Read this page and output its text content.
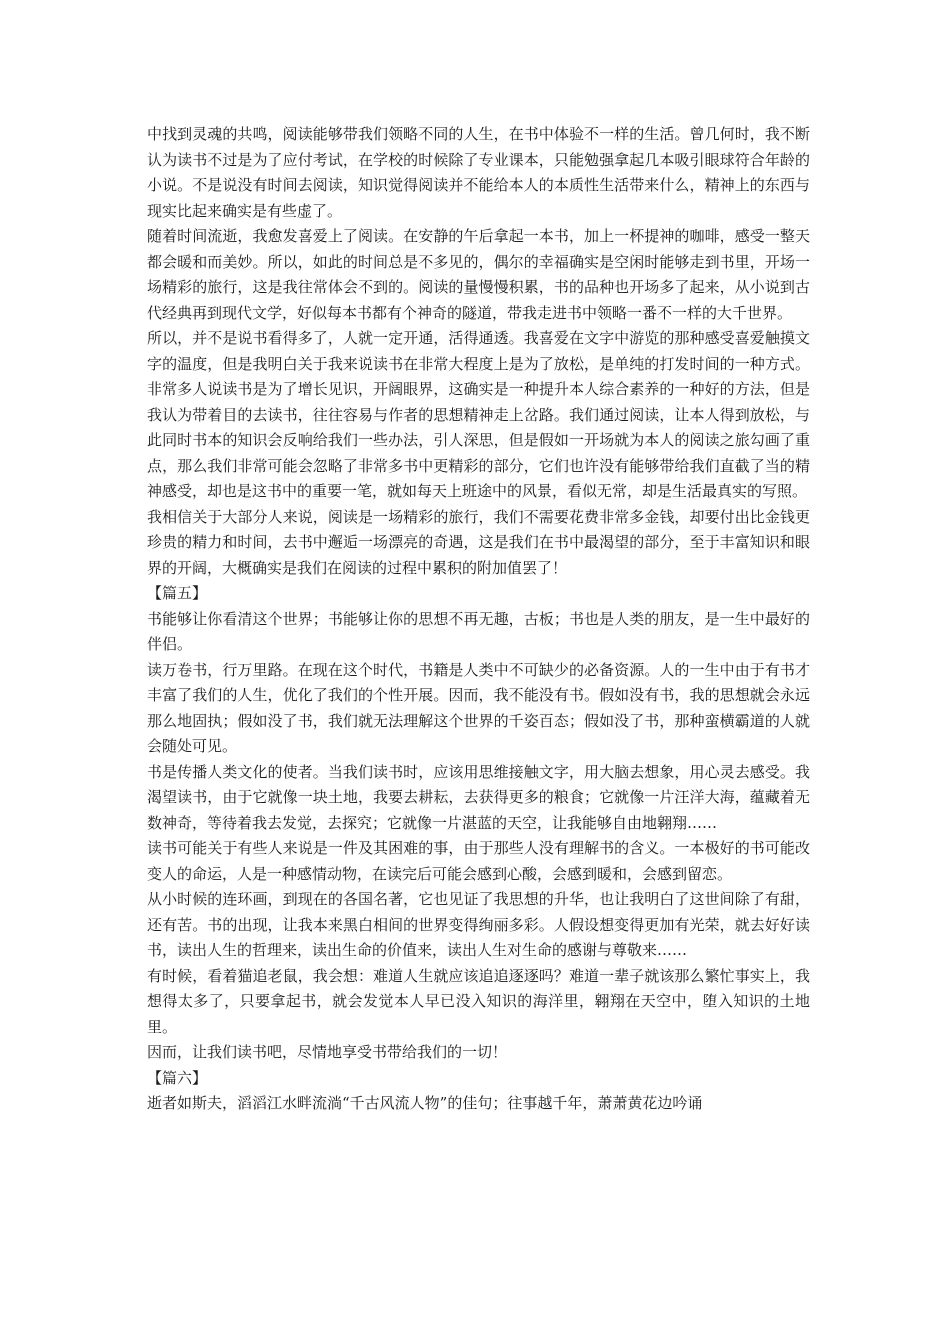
中找到灵魂的共鸣，阅读能够带我们领略不同的人生，在书中体验不一样的生活。曾几何时，我不断认为读书不过是为了应付考试，在学校的时候除了专业课本，只能勉强拿起几本吸引眼球符合年龄的小说。不是说没有时间去阅读，知识觉得阅读并不能给本人的本质性生活带来什么，精神上的东西与现实比起来确实是有些虚了。

随着时间流逝，我愈发喜爱上了阅读。在安静的午后拿起一本书，加上一杯提神的咖啡，感受一整天都会暖和而美妙。所以，如此的时间总是不多见的，偶尔的幸福确实是空闲时能够走到书里，开场一场精彩的旅行，这是我往常体会不到的。阅读的量慢慢积累，书的品种也开场多了起来，从小说到古代经典再到现代文学，好似每本书都有个神奇的隧道，带我走进书中领略一番不一样的大千世界。

所以，并不是说书看得多了，人就一定开通，活得通透。我喜爱在文字中游览的那种感受喜爱触摸文字的温度，但是我明白关于我来说读书在非常大程度上是为了放松，是单纯的打发时间的一种方式。非常多人说读书是为了增长见识，开阔眼界，这确实是一种提升本人综合素养的一种好的方法，但是我认为带着目的去读书，往往容易与作者的思想精神走上岔路。我们通过阅读，让本人得到放松，与此同时书本的知识会反响给我们一些办法，引人深思，但是假如一开场就为本人的阅读之旅勾画了重点，那么我们非常可能会忽略了非常多书中更精彩的部分，它们也许没有能够带给我们直截了当的精神感受，却也是这书中的重要一笔，就如每天上班途中的风景，看似无常，却是生活最真实的写照。

我相信关于大部分人来说，阅读是一场精彩的旅行，我们不需要花费非常多金钱，却要付出比金钱更珍贵的精力和时间，去书中邂逅一场漂亮的奇遇，这是我们在书中最渴望的部分，至于丰富知识和眼界的开阔，大概确实是我们在阅读的过程中累积的附加值罢了！

【篇五】

书能够让你看清这个世界；书能够让你的思想不再无趣，古板；书也是人类的朋友，是一生中最好的伴侣。

读万卷书，行万里路。在现在这个时代，书籍是人类中不可缺少的必备资源。人的一生中由于有书才丰富了我们的人生，优化了我们的个性开展。因而，我不能没有书。假如没有书，我的思想就会永远那么地固执；假如没了书，我们就无法理解这个世界的千姿百态；假如没了书，那种蛮横霸道的人就会随处可见。

书是传播人类文化的使者。当我们读书时，应该用思维接触文字，用大脑去想象，用心灵去感受。我渴望读书，由于它就像一块土地，我要去耕耘，去获得更多的粮食；它就像一片汪洋大海，蕴藏着无数神奇，等待着我去发觉，去探究；它就像一片湛蓝的天空，让我能够自由地翱翔……

读书可能关于有些人来说是一件及其困难的事，由于那些人没有理解书的含义。一本极好的书可能改变人的命运，人是一种感情动物，在读完后可能会感到心酸，会感到暖和，会感到留恋。

从小时候的连环画，到现在的各国名著，它也见证了我思想的升华，也让我明白了这世间除了有甜，还有苦。书的出现，让我本来黑白相间的世界变得绚丽多彩。人假设想变得更加有光荣，就去好好读书，读出人生的哲理来，读出生命的价值来，读出人生对生命的感谢与尊敬来……

有时候，看着猫追老鼠，我会想：难道人生就应该追追逐逐吗？难道一辈子就该那么繁忙事实上，我想得太多了，只要拿起书，就会发觉本人早已没入知识的海洋里，翱翔在天空中，堕入知识的土地里。

因而，让我们读书吧，尽情地享受书带给我们的一切！

【篇六】

逝者如斯夫，滔滔江水畔流淌“千古风流人物”的佳句；往事越千年，萧萧黄花边吟诵
